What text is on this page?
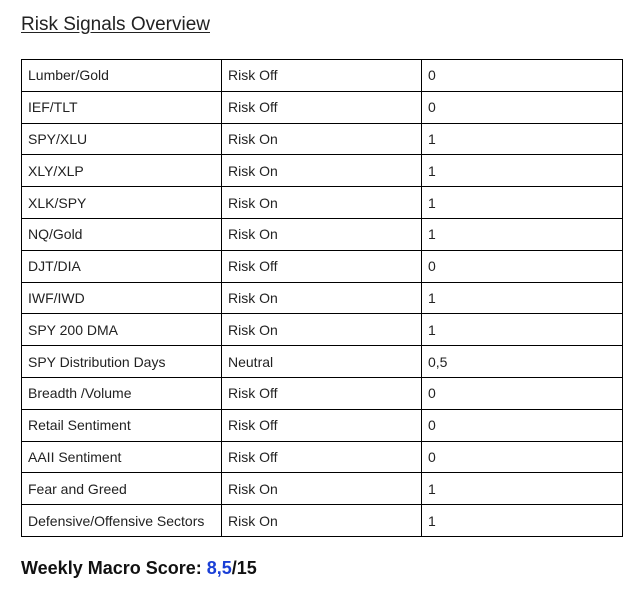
Risk Signals Overview
Lumber/Gold	Risk Off	0
IEF/TLT	Risk Off	0
SPY/XLU	Risk On	1
XLY/XLP	Risk On	1
XLK/SPY	Risk On	1
NQ/Gold	Risk On	1
DJT/DIA	Risk Off	0
IWF/IWD	Risk On	1
SPY 200 DMA	Risk On	1
SPY Distribution Days	Neutral	0,5
Breadth /Volume	Risk Off	0
Retail Sentiment	Risk Off	0
AAII Sentiment	Risk Off	0
Fear and Greed	Risk On	1
Defensive/Offensive Sectors	Risk On	1

Weekly Macro Score: 8,5/15
